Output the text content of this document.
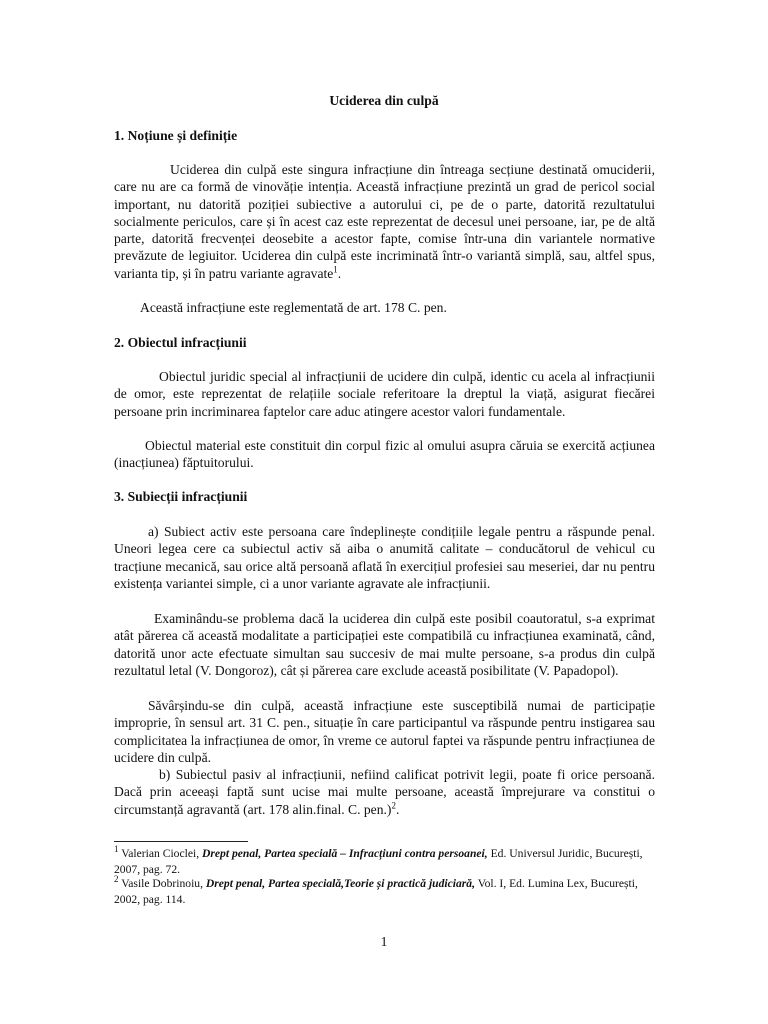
Uciderea din culpă

1. Noțiune și definiție

Uciderea din culpă este singura infracțiune din întreaga secțiune destinată omuciderii, care nu are ca formă de vinovăție intenția. Această infracțiune prezintă un grad de pericol social important, nu datorită poziției subiective a autorului ci, pe de o parte, datorită rezultatului socialmente periculos, care și în acest caz este reprezentat de decesul unei persoane, iar, pe de altă parte, datorită frecvenței deosebite a acestor fapte, comise într-una din variantele normative prevăzute de legiuitor. Uciderea din culpă este incriminată într-o variantă simplă, sau, altfel spus, varianta tip, și în patru variante agravate$^1$.

Această infracțiune este reglementată de art. 178 C. pen.

2. Obiectul infracțiunii

Obiectul juridic special al infracțiunii de ucidere din culpă, identic cu acela al infracțiunii de omor, este reprezentat de relațiile sociale referitoare la dreptul la viață, asigurat fiecărei persoane prin incriminarea faptelor care aduc atingere acestor valori fundamentale.

Obiectul material este constituit din corpul fizic al omului asupra căruia se exercită acțiunea (inacțiunea) făptuitorului.

3. Subiecții infracțiunii

a) Subiect activ este persoana care îndeplinește condițiile legale pentru a răspunde penal. Uneori legea cere ca subiectul activ să aiba o anumită calitate – conducătorul de vehicul cu tracțiune mecanică, sau orice altă persoană aflată în exercițiul profesiei sau meseriei, dar nu pentru existența variantei simple, ci a unor variante agravate ale infracțiunii.

Examinându-se problema dacă la uciderea din culpă este posibil coautoratul, s-a exprimat atât părerea că această modalitate a participației este compatibilă cu infracțiunea examinată, când, datorită unor acte efectuate simultan sau succesiv de mai multe persoane, s-a produs din culpă rezultatul letal (V. Dongoroz), cât și părerea care exclude această posibilitate (V. Papadopol).

Săvârșindu-se din culpă, această infracțiune este susceptibilă numai de participație improprie, în sensul art. 31 C. pen., situație în care participantul va răspunde pentru instigarea sau complicitatea la infracțiunea de omor, în vreme ce autorul faptei va răspunde pentru infracțiunea de ucidere din culpă.

b) Subiectul pasiv al infracțiunii, nefiind calificat potrivit legii, poate fi orice persoană. Dacă prin aceeași faptă sunt ucise mai multe persoane, această împrejurare va constitui o circumstanță agravantă (art. 178 alin.final. C. pen.)$^2$.

$^1$ Valerian Cioclei, Drept penal, Partea specială – Infracțiuni contra persoanei, Ed. Universul Juridic, București, 2007, pag. 72.

$^2$ Vasile Dobrinoiu, Drept penal, Partea specială,Teorie și practică judiciară, Vol. I, Ed. Lumina Lex, București, 2002, pag. 114.

1
